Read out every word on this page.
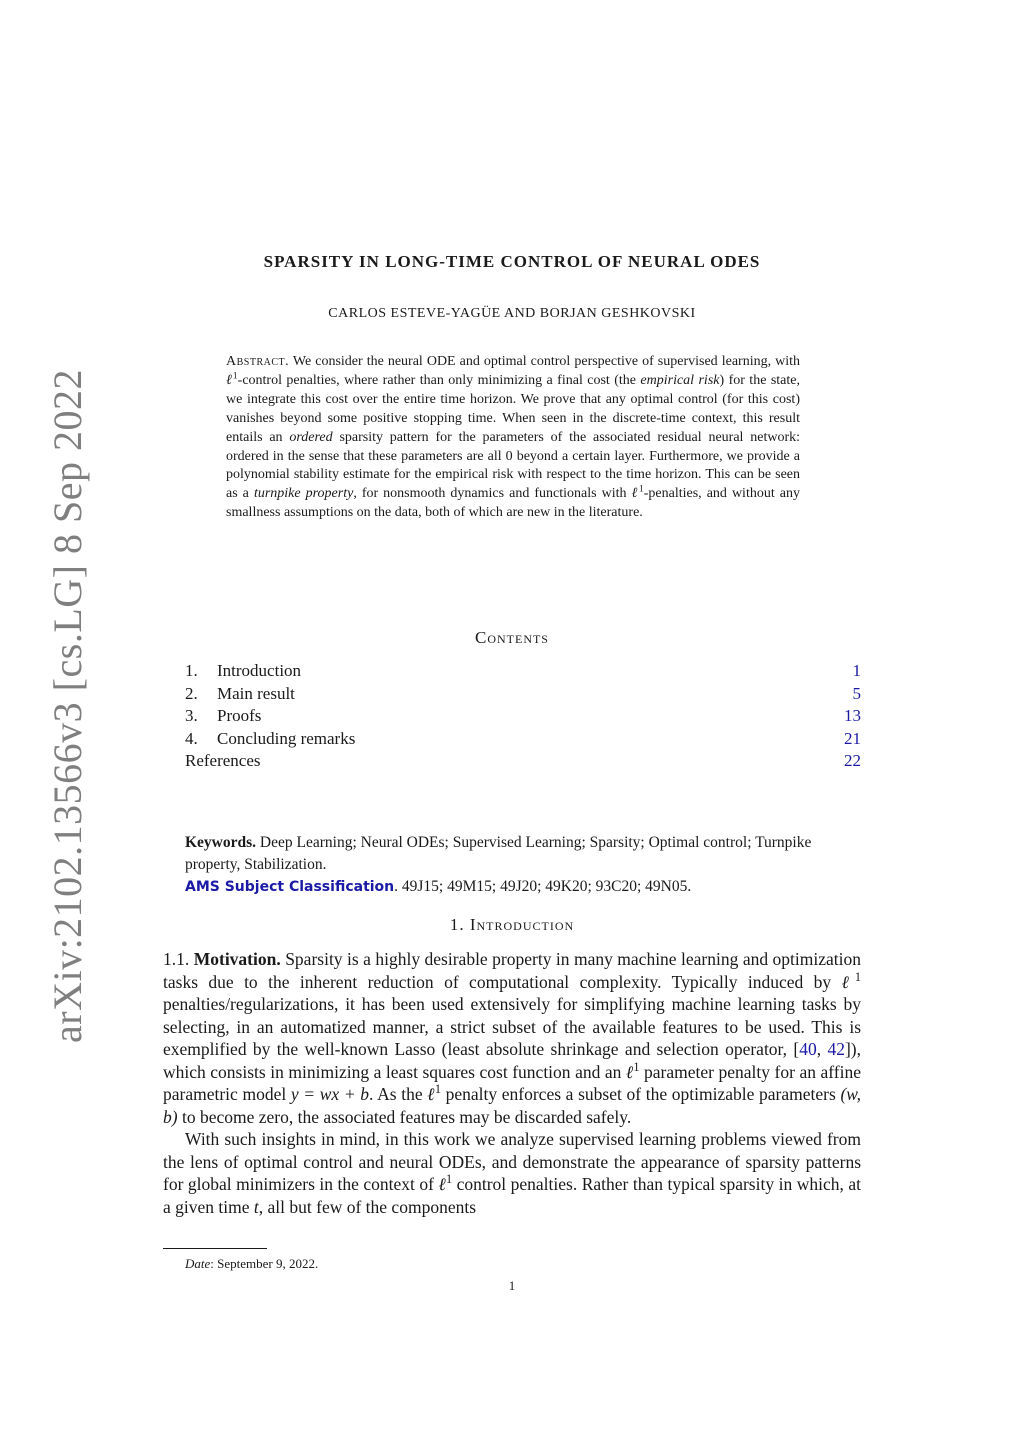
arXiv:2102.13566v3 [cs.LG] 8 Sep 2022
SPARSITY IN LONG-TIME CONTROL OF NEURAL ODES
CARLOS ESTEVE-YAGÜE AND BORJAN GESHKOVSKI
Abstract. We consider the neural ODE and optimal control perspective of supervised learning, with ℓ$^1$-control penalties, where rather than only minimizing a final cost (the empirical risk) for the state, we integrate this cost over the entire time horizon. We prove that any optimal control (for this cost) vanishes beyond some positive stopping time. When seen in the discrete-time context, this result entails an ordered sparsity pattern for the parameters of the associated residual neural network: ordered in the sense that these parameters are all 0 beyond a certain layer. Furthermore, we provide a polynomial stability estimate for the empirical risk with respect to the time horizon. This can be seen as a turnpike property, for nonsmooth dynamics and functionals with ℓ$^1$-penalties, and without any smallness assumptions on the data, both of which are new in the literature.
Contents
1. Introduction	1
2. Main result	5
3. Proofs	13
4. Concluding remarks	21
References	22
Keywords. Deep Learning; Neural ODEs; Supervised Learning; Sparsity; Optimal control; Turnpike property, Stabilization.
AMS Subject Classification. 49J15; 49M15; 49J20; 49K20; 93C20; 49N05.
1. Introduction

1.1. Motivation. Sparsity is a highly desirable property in many machine learning and optimization tasks due to the inherent reduction of computational complexity. Typically induced by ℓ$^1$ penalties/regularizations, it has been used extensively for simplifying machine learning tasks by selecting, in an automatized manner, a strict subset of the available features to be used. This is exemplified by the well-known Lasso (least absolute shrinkage and selection operator, [40, 42]), which consists in minimizing a least squares cost function and an ℓ$^1$ parameter penalty for an affine parametric model y = wx + b. As the ℓ$^1$ penalty enforces a subset of the optimizable parameters (w, b) to become zero, the associated features may be discarded safely.

With such insights in mind, in this work we analyze supervised learning problems viewed from the lens of optimal control and neural ODEs, and demonstrate the appearance of sparsity patterns for global minimizers in the context of ℓ$^1$ control penalties. Rather than typical sparsity in which, at a given time t, all but few of the components

Date: September 9, 2022.
1
